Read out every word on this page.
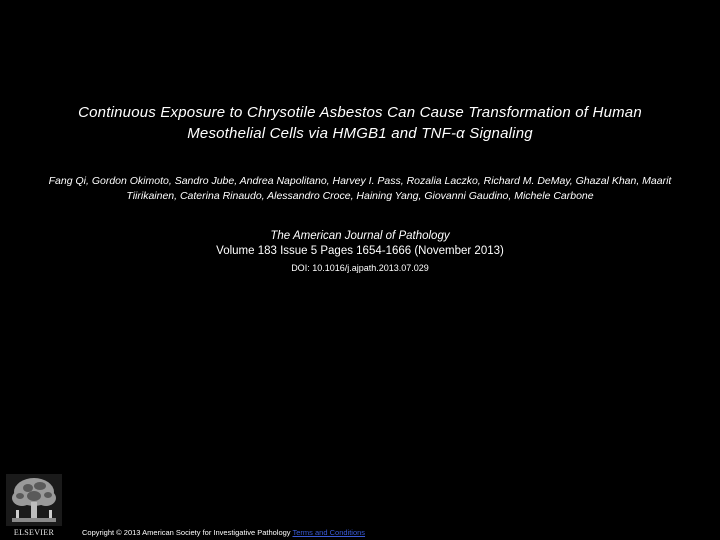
Continuous Exposure to Chrysotile Asbestos Can Cause Transformation of Human
Mesothelial Cells via HMGB1 and TNF-α Signaling
Fang Qi, Gordon Okimoto, Sandro Jube, Andrea Napolitano, Harvey I. Pass, Rozalia Laczko, Richard M. DeMay, Ghazal Khan, Maarit
Tiirikainen, Caterina Rinaudo, Alessandro Croce, Haining Yang, Giovanni Gaudino, Michele Carbone
The American Journal of Pathology
Volume 183 Issue 5 Pages 1654-1666 (November 2013)
DOI: 10.1016/j.ajpath.2013.07.029
ELSEVIER	Copyright © 2013 American Society for Investigative Pathology Terms and Conditions
